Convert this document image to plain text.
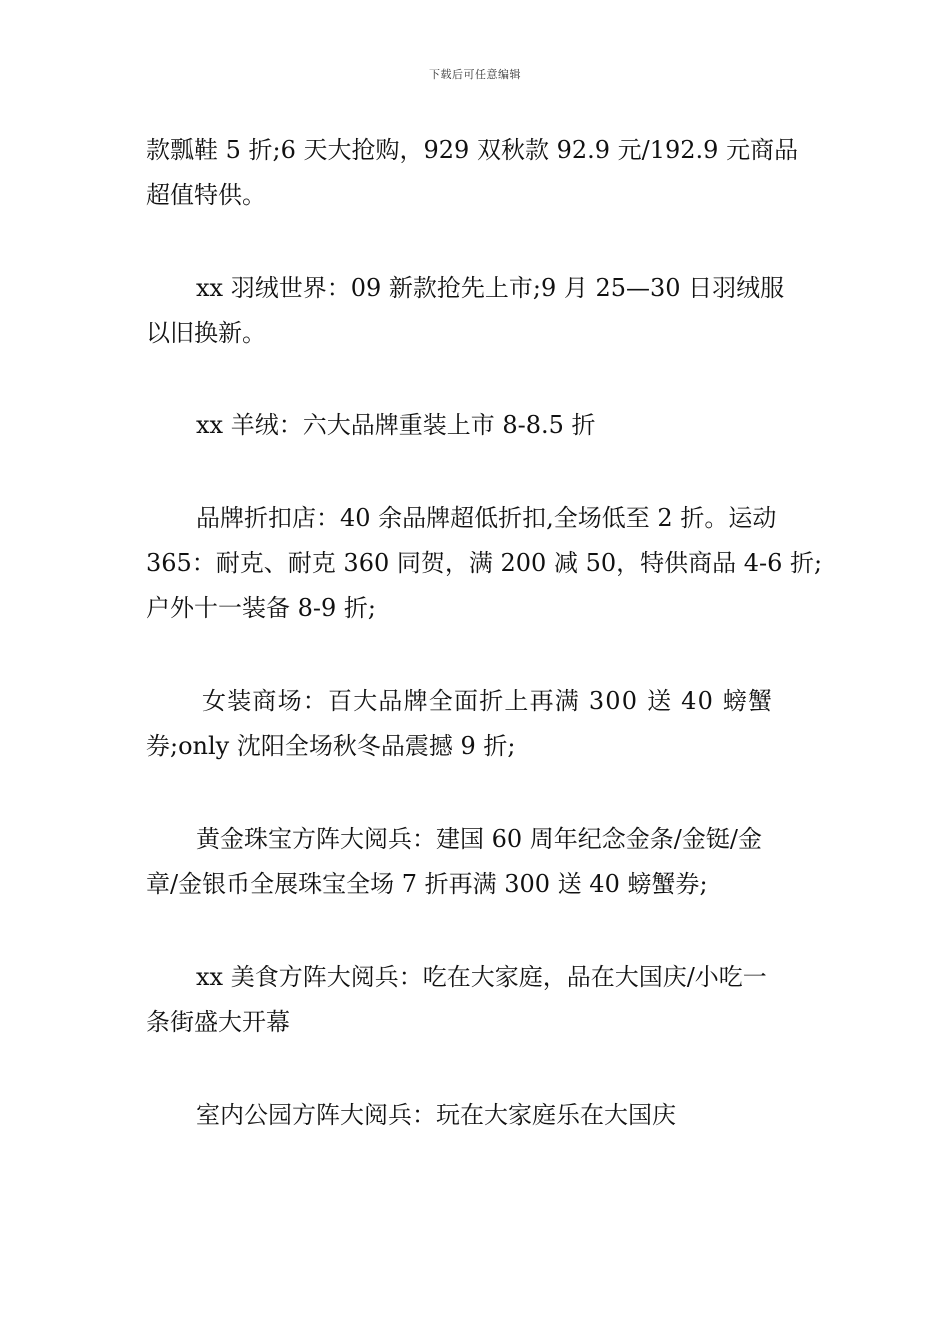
下载后可任意编辑

款瓢鞋 5 折;6 天大抢购，929 双秋款 92.9 元/192.9 元商品
超值特供。

xx 羽绒世界：09 新款抢先上市;9 月 25—30 日羽绒服
以旧换新。

xx 羊绒：六大品牌重装上市 8-8.5 折

品牌折扣店：40 余品牌超低折扣,全场低至 2 折。运动
365：耐克、耐克 360 同贺，满 200 减 50，特供商品 4-6 折;
户外十一装备 8-9 折;

女装商场：百大品牌全面折上再满 300 送 40 螃蟹
券;only 沈阳全场秋冬品震撼 9 折;

黄金珠宝方阵大阅兵：建国 60 周年纪念金条/金铤/金
章/金银币全展珠宝全场 7 折再满 300 送 40 螃蟹券;

xx 美食方阵大阅兵：吃在大家庭，品在大国庆/小吃一
条街盛大开幕

室内公园方阵大阅兵：玩在大家庭乐在大国庆
